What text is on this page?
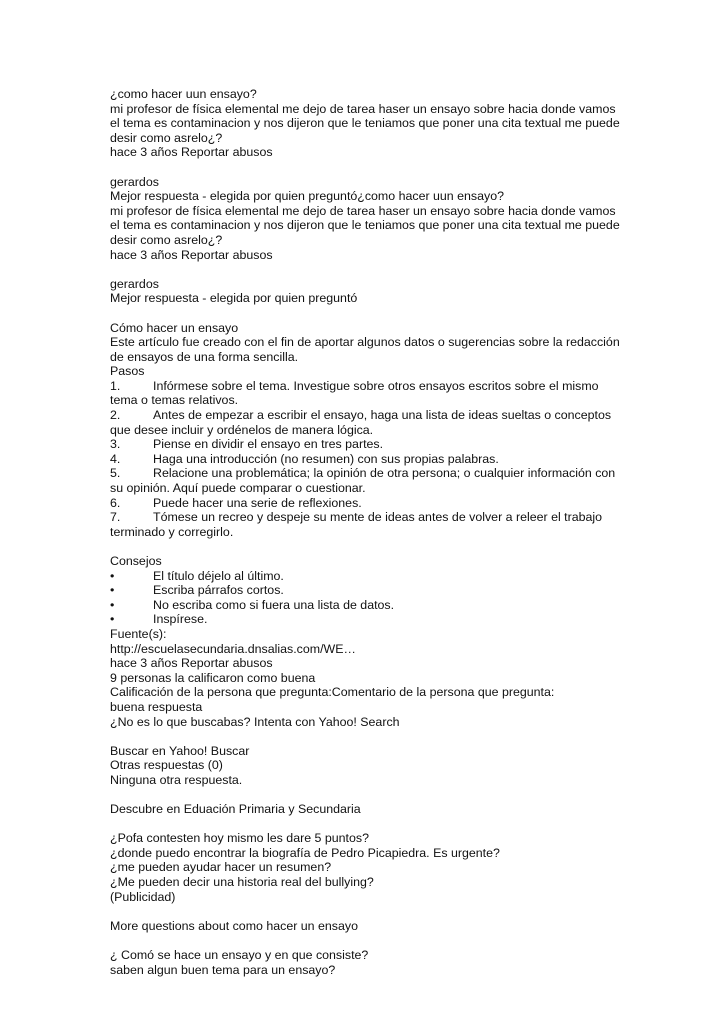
¿como hacer uun ensayo?
mi profesor de física elemental me dejo de tarea haser un ensayo sobre hacia donde vamos
el tema es contaminacion y nos dijeron que le teniamos que poner una cita textual me puede
desir como asrelo¿?
hace 3 años Reportar abusos
gerardos
Mejor respuesta - elegida por quien preguntó¿como hacer uun ensayo?
mi profesor de física elemental me dejo de tarea haser un ensayo sobre hacia donde vamos
el tema es contaminacion y nos dijeron que le teniamos que poner una cita textual me puede
desir como asrelo¿?
hace 3 años Reportar abusos
gerardos
Mejor respuesta - elegida por quien preguntó
Cómo hacer un ensayo
Este artículo fue creado con el fin de aportar algunos datos o sugerencias sobre la redacción
de ensayos de una forma sencilla.
Pasos
1.	Infórmese sobre el tema. Investigue sobre otros ensayos escritos sobre el mismo
tema o temas relativos.
2.	Antes de empezar a escribir el ensayo, haga una lista de ideas sueltas o conceptos
que desee incluir y ordénelos de manera lógica.
3.	Piense en dividir el ensayo en tres partes.
4.	Haga una introducción (no resumen) con sus propias palabras.
5.	Relacione una problemática; la opinión de otra persona; o cualquier información con
su opinión. Aquí puede comparar o cuestionar.
6.	Puede hacer una serie de reflexiones.
7.	Tómese un recreo y despeje su mente de ideas antes de volver a releer el trabajo
terminado y corregirlo.
Consejos
•	El título déjelo al último.
•	Escriba párrafos cortos.
•	No escriba como si fuera una lista de datos.
•	Inspírese.
Fuente(s):
http://escuelasecundaria.dnsalias.com/WE…
hace 3 años Reportar abusos
9 personas la calificaron como buena
Calificación de la persona que pregunta:Comentario de la persona que pregunta:
buena respuesta
¿No es lo que buscabas? Intenta con Yahoo! Search
Buscar en Yahoo! Buscar
Otras respuestas (0)
Ninguna otra respuesta.
Descubre en Eduación Primaria y Secundaria
¿Pofa contesten hoy mismo les dare 5 puntos?
¿donde puedo encontrar la biografía de Pedro Picapiedra. Es urgente?
¿me pueden ayudar hacer un resumen?
¿Me pueden decir una historia real del bullying?
(Publicidad)
More questions about como hacer un ensayo
¿ Comó se hace un ensayo y en que consiste?
saben algun buen tema para un ensayo?
